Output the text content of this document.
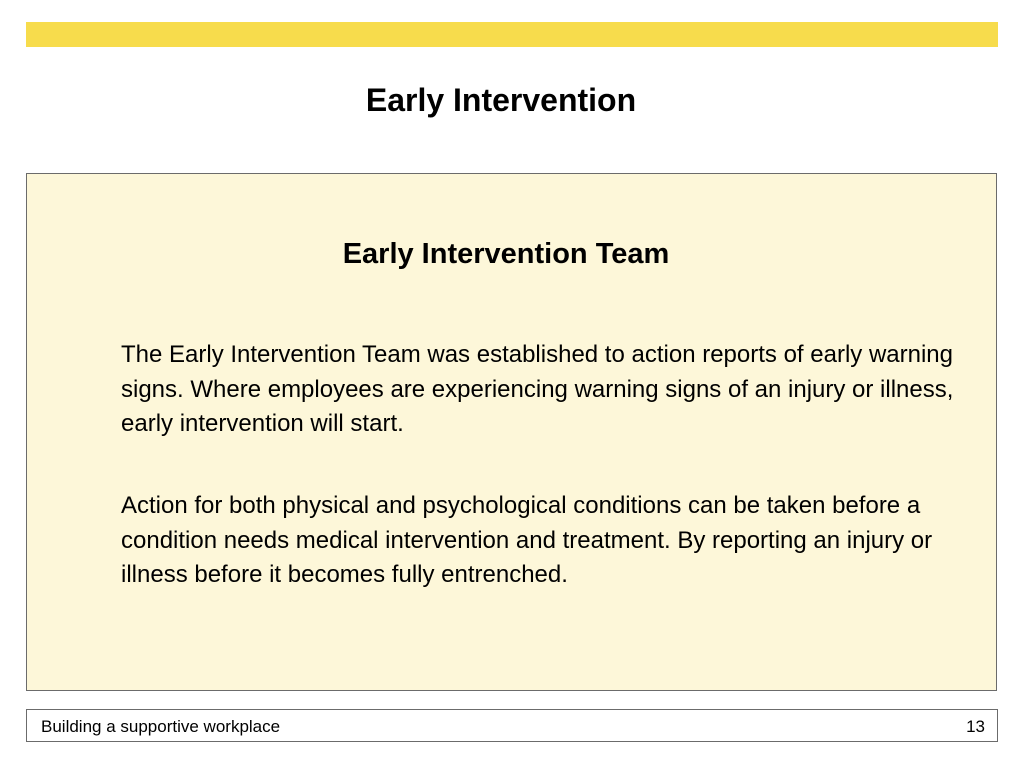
Early Intervention
Early Intervention Team

The Early Intervention Team was established to action reports of early warning signs. Where employees are experiencing warning signs of an injury or illness, early intervention will start.

Action for both physical and psychological conditions can be taken before a condition needs medical intervention and treatment. By reporting an injury or illness before it becomes fully entrenched.

Building a supportive workplace	13
